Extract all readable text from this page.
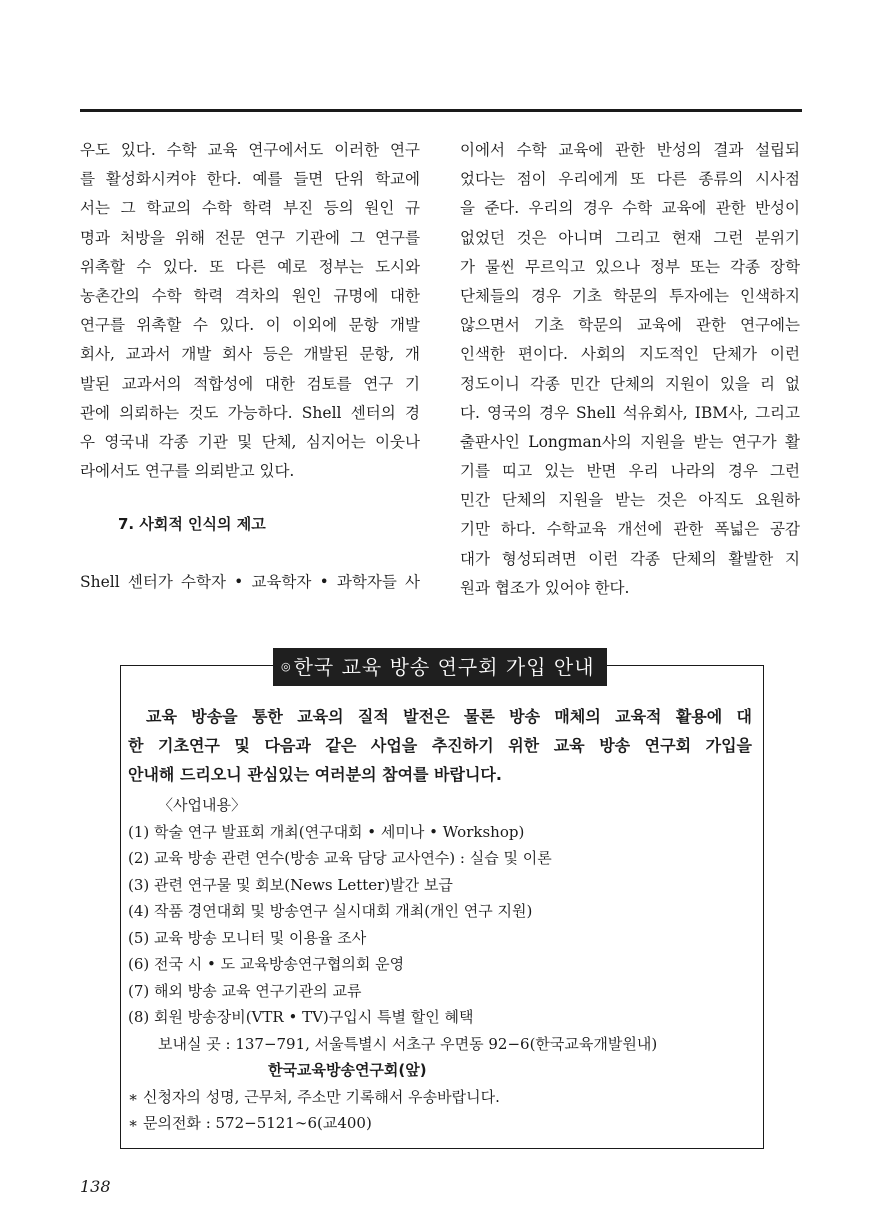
우도 있다. 수학 교육 연구에서도 이러한 연구
를 활성화시켜야 한다. 예를 들면 단위 학교에
서는 그 학교의 수학 학력 부진 등의 원인 규
명과 처방을 위해 전문 연구 기관에 그 연구를
위촉할 수 있다. 또 다른 예로 정부는 도시와
농촌간의 수학 학력 격차의 원인 규명에 대한
연구를 위촉할 수 있다. 이 이외에 문항 개발
회사, 교과서 개발 회사 등은 개발된 문항, 개
발된 교과서의 적합성에 대한 검토를 연구 기
관에 의뢰하는 것도 가능하다. Shell 센터의 경
우 영국내 각종 기관 및 단체, 심지어는 이웃나
라에서도 연구를 의뢰받고 있다.
7. 사회적 인식의 제고
Shell 센터가 수학자 • 교육학자 • 과학자들 사
이에서 수학 교육에 관한 반성의 결과 설립되
었다는 점이 우리에게 또 다른 종류의 시사점
을 준다. 우리의 경우 수학 교육에 관한 반성이
없었던 것은 아니며 그리고 현재 그런 분위기
가 물씬 무르익고 있으나 정부 또는 각종 장학
단체들의 경우 기초 학문의 투자에는 인색하지
않으면서 기초 학문의 교육에 관한 연구에는
인색한 편이다. 사회의 지도적인 단체가 이런
정도이니 각종 민간 단체의 지원이 있을 리 없
다. 영국의 경우 Shell 석유회사, IBM사, 그리고
출판사인 Longman사의 지원을 받는 연구가 활
기를 띠고 있는 반면 우리 나라의 경우 그런
민간 단체의 지원을 받는 것은 아직도 요원하
기만 하다. 수학교육 개선에 관한 폭넓은 공감
대가 형성되려면 이런 각종 단체의 활발한 지
원과 협조가 있어야 한다.
◎ 한국 교육 방송 연구회 가입 안내
교육 방송을 통한 교육의 질적 발전은 물론 방송 매체의 교육적 활용에 대
한 기초연구 및 다음과 같은 사업을 추진하기 위한 교육 방송 연구회 가입을
안내해 드리오니 관심있는 여러분의 참여를 바랍니다.
〈사업내용〉
(1) 학술 연구 발표회 개최(연구대회 • 세미나 • Workshop)
(2) 교육 방송 관련 연수(방송 교육 담당 교사연수) : 실습 및 이론
(3) 관련 연구물 및 회보(News Letter)발간 보급
(4) 작품 경연대회 및 방송연구 실시대회 개최(개인 연구 지원)
(5) 교육 방송 모니터 및 이용율 조사
(6) 전국 시 • 도 교육방송연구협의회 운영
(7) 해외 방송 교육 연구기관의 교류
(8) 회원 방송장비(VTR • TV)구입시 특별 할인 혜택
보내실 곳 : 137−791, 서울특별시 서초구 우면동 92−6(한국교육개발원내)
한국교육방송연구회(앞)
∗ 신청자의 성명, 근무처, 주소만 기록해서 우송바랍니다.
∗ 문의전화 : 572−5121∼6(교400)
138
